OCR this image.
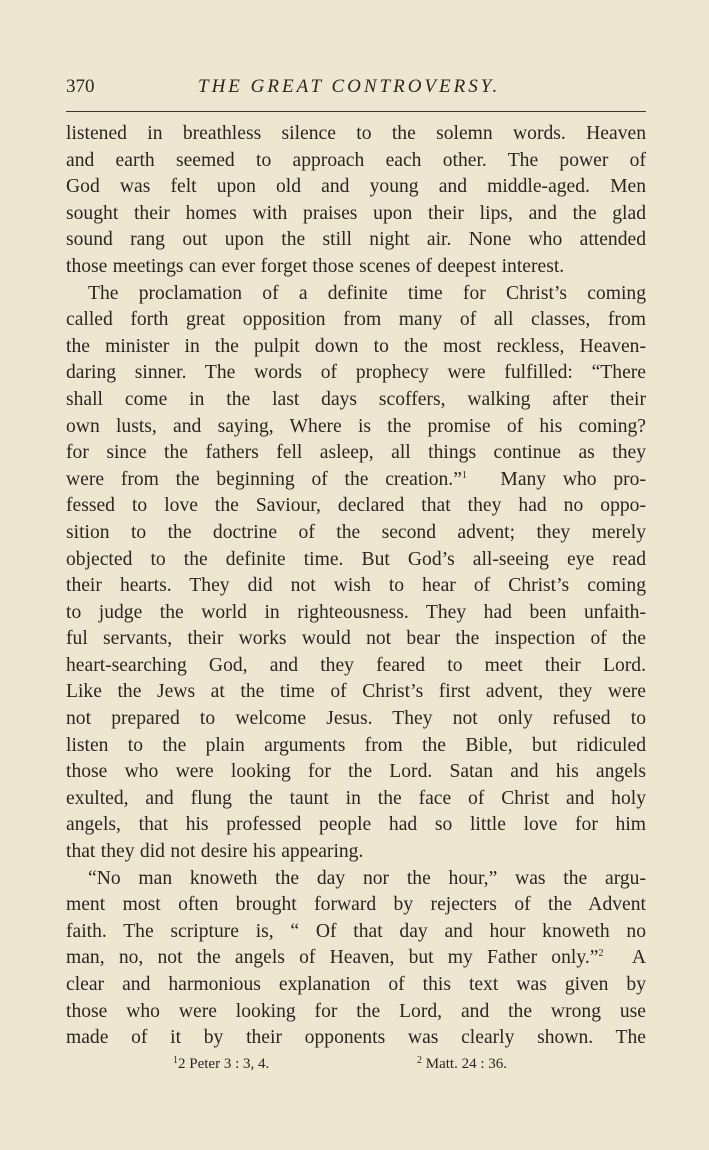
370	THE GREAT CONTROVERSY.
listened in breathless silence to the solemn words. Heaven
and earth seemed to approach each other. The power of
God was felt upon old and young and middle-aged. Men
sought their homes with praises upon their lips, and the glad
sound rang out upon the still night air. None who attended
those meetings can ever forget those scenes of deepest interest.
The proclamation of a definite time for Christ’s coming
called forth great opposition from many of all classes, from
the minister in the pulpit down to the most reckless, Heaven-
daring sinner. The words of prophecy were fulfilled: “There
shall come in the last days scoffers, walking after their
own lusts, and saying, Where is the promise of his coming?
for since the fathers fell asleep, all things continue as they
were from the beginning of the creation.”$^1$ Many who pro-
fessed to love the Saviour, declared that they had no oppo-
sition to the doctrine of the second advent; they merely
objected to the definite time. But God’s all-seeing eye read
their hearts. They did not wish to hear of Christ’s coming
to judge the world in righteousness. They had been unfaith-
ful servants, their works would not bear the inspection of the
heart-searching God, and they feared to meet their Lord.
Like the Jews at the time of Christ’s first advent, they were
not prepared to welcome Jesus. They not only refused to
listen to the plain arguments from the Bible, but ridiculed
those who were looking for the Lord. Satan and his angels
exulted, and flung the taunt in the face of Christ and holy
angels, that his professed people had so little love for him
that they did not desire his appearing.
“No man knoweth the day nor the hour,” was the argu-
ment most often brought forward by rejecters of the Advent
faith. The scripture is, “ Of that day and hour knoweth no
man, no, not the angels of Heaven, but my Father only.”$^2$ A
clear and harmonious explanation of this text was given by
those who were looking for the Lord, and the wrong use
made of it by their opponents was clearly shown. The
$^1$2 Peter 3 : 3, 4.	$^2$ Matt. 24 : 36.
